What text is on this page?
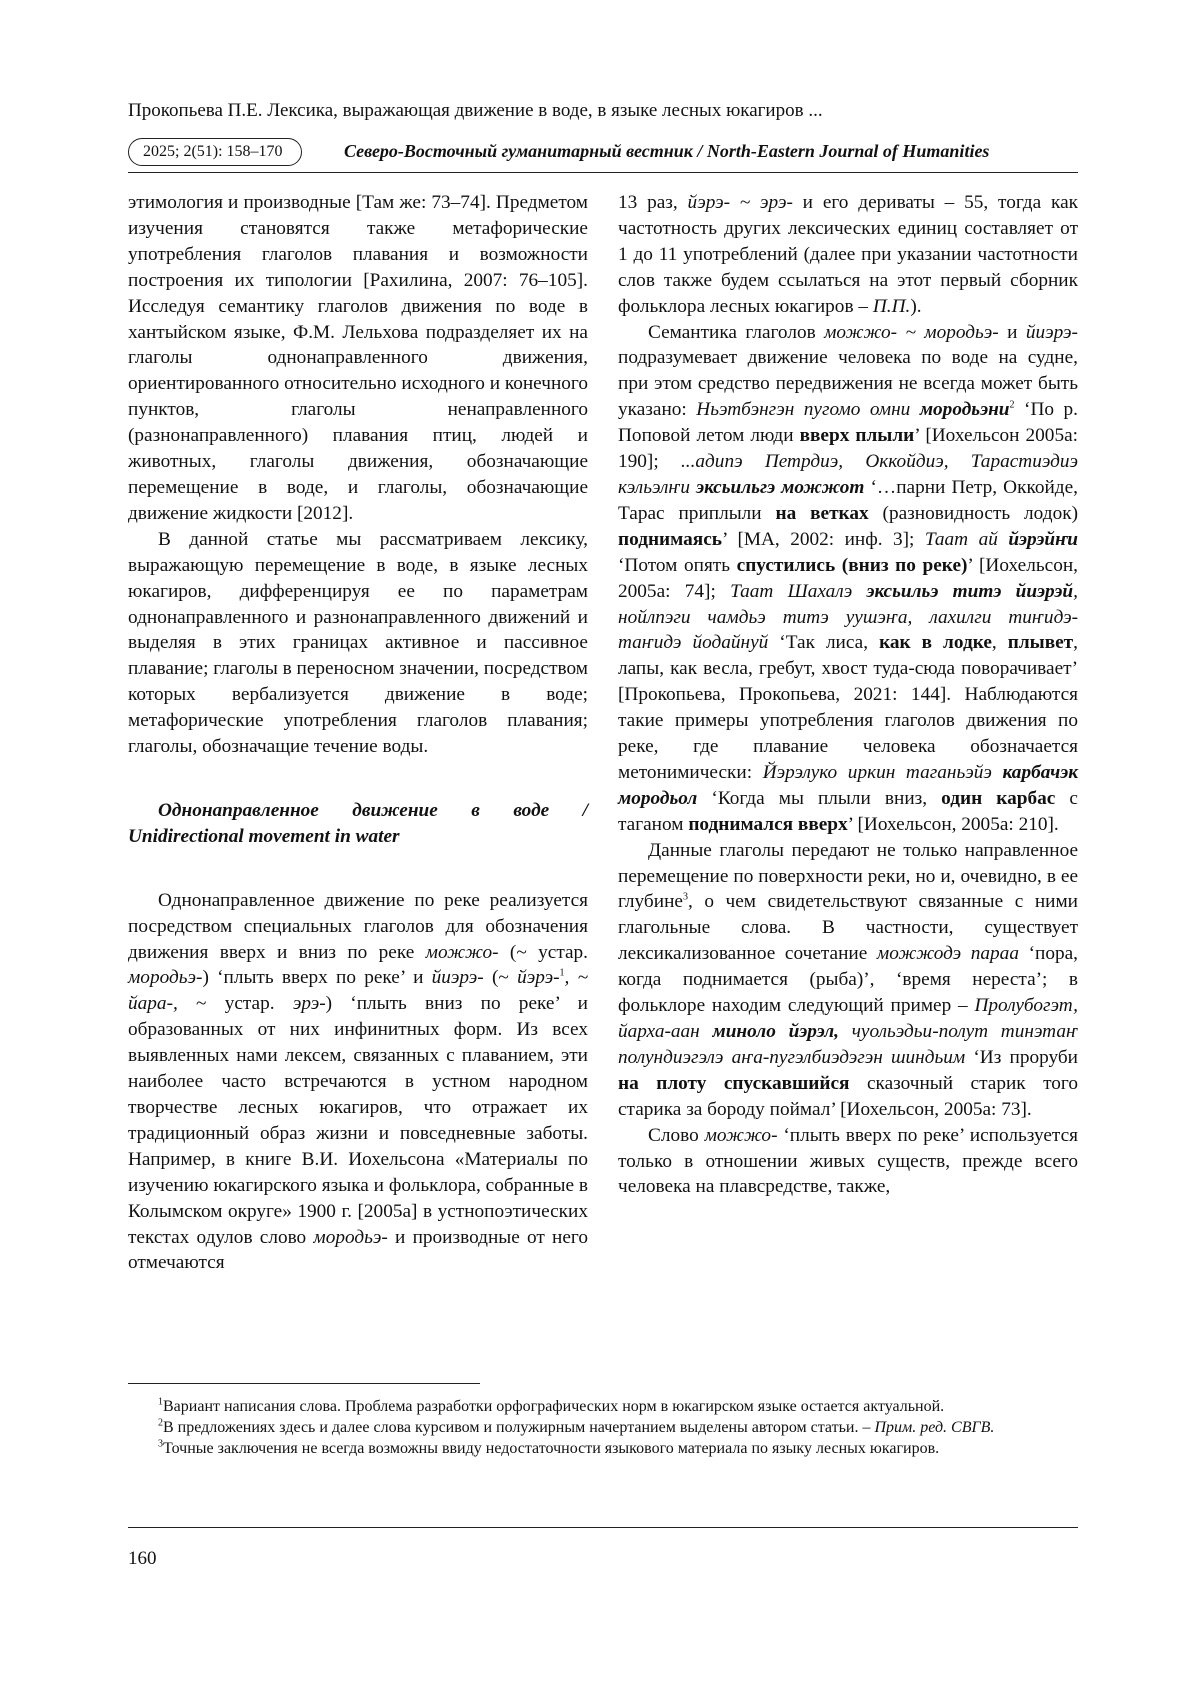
Прокопьева П.Е. Лексика, выражающая движение в воде, в языке лесных юкагиров ...
2025; 2(51): 158–170	Северо-Восточный гуманитарный вестник / North-Eastern Journal of Humanities

этимология и производные [Там же: 73–74]. Предметом изучения становятся также метафорические употребления глаголов плавания и возможности построения их типологии [Рахилина, 2007: 76–105]. Исследуя семантику глаголов движения по воде в хантыйском языке, Ф.М. Лельхова подразделяет их на глаголы однонаправленного движения, ориентированного относительно исходного и конечного пунктов, глаголы ненаправленного (разнонаправленного) плавания птиц, людей и животных, глаголы движения, обозначающие перемещение в воде, и глаголы, обозначающие движение жидкости [2012].

В данной статье мы рассматриваем лексику, выражающую перемещение в воде, в языке лесных юкагиров, дифференцируя ее по параметрам однонаправленного и разнонаправленного движений и выделяя в этих границах активное и пассивное плавание; глаголы в переносном значении, посредством которых вербализуется движение в воде; метафорические употребления глаголов плавания; глаголы, обозначащие течение воды.

Однонаправленное движение в воде / Unidirectional movement in water

Однонаправленное движение по реке реализуется посредством специальных глаголов для обозначения движения вверх и вниз по реке можжо- (~ устар. мородьэ-) ‘плыть вверх по реке’ и йиэрэ- (~ йэрэ-$^1$, ~ йара-, ~ устар. эрэ-) ‘плыть вниз по реке’ и образованных от них инфинитных форм. Из всех выявленных нами лексем, связанных с плаванием, эти наиболее часто встречаются в устном народном творчестве лесных юкагиров, что отражает их традиционный образ жизни и повседневные заботы. Например, в книге В.И. Иохельсона «Материалы по изучению юкагирского языка и фольклора, собранные в Колымском округе» 1900 г. [2005а] в устнопоэтических текстах одулов слово мородьэ- и производные от него отмечаются

13 раз, йэрэ- ~ эрэ- и его дериваты – 55, тогда как частотность других лексических единиц составляет от 1 до 11 употреблений (далее при указании частотности слов также будем ссылаться на этот первый сборник фольклора лесных юкагиров – П.П.).

Семантика глаголов можжо- ~ мородьэ- и йиэрэ- подразумевает движение человека по воде на судне, при этом средство передвижения не всегда может быть указано: Ньэтбэнгэн пугомо омни мородьэни$^2$ ‘По р. Поповой летом люди вверх плыли’ [Иохельсон 2005а: 190]; ...адипэ Петрдиэ, Оккойдиэ, Тарастиэдиэ кэльэлҥи эксьильгэ можжот ‘…парни Петр, Оккойде, Тарас приплыли на ветках (разновидность лодок) поднимаясь’ [МА, 2002: инф. 3]; Таат ай йэрэйҥи ‘Потом опять спустились (вниз по реке)’ [Иохельсон, 2005а: 74]; Таат Шахалэ эксьильэ титэ йиэрэй, нойлпэги чамдьэ титэ уушэҥа, лахилги тиҥидэ-таҥидэ йодайнуй ‘Так лиса, как в лодке, плывет, лапы, как весла, гребут, хвост туда-сюда поворачивает’ [Прокопьева, Прокопьева, 2021: 144]. Наблюдаются такие примеры употребления глаголов движения по реке, где плавание человека обозначается метонимически: Йэрэлуко иркин таганьэйэ карбачэк мородьол ‘Когда мы плыли вниз, один карбас с таганом поднимался вверх’ [Иохельсон, 2005а: 210].

Данные глаголы передают не только направленное перемещение по поверхности реки, но и, очевидно, в ее глубине$^3$, о чем свидетельствуют связанные с ними глагольные слова. В частности, существует лексикализованное сочетание можжодэ параа ‘пора, когда поднимается (рыба)’, ‘время нереста’; в фольклоре находим следующий пример – Пролубогэт, йарха-аан миноло йэрэл, чуольэдьи-полут тинэтаҥ полундиэгэлэ аҥа-пугэлбиэдэгэн шиндьим ‘Из проруби на плоту спускавшийся сказочный старик того старика за бороду поймал’ [Иохельсон, 2005а: 73].

Слово можжо- ‘плыть вверх по реке’ используется только в отношении живых существ, прежде всего человека на плавсредстве, также,

$^1$Вариант написания слова. Проблема разработки орфографических норм в юкагирском языке остается актуальной.

$^2$В предложениях здесь и далее слова курсивом и полужирным начертанием выделены автором статьи. – Прим. ред. СВГВ.

$^3$Точные заключения не всегда возможны ввиду недостаточности языкового материала по языку лесных юкагиров.

160
